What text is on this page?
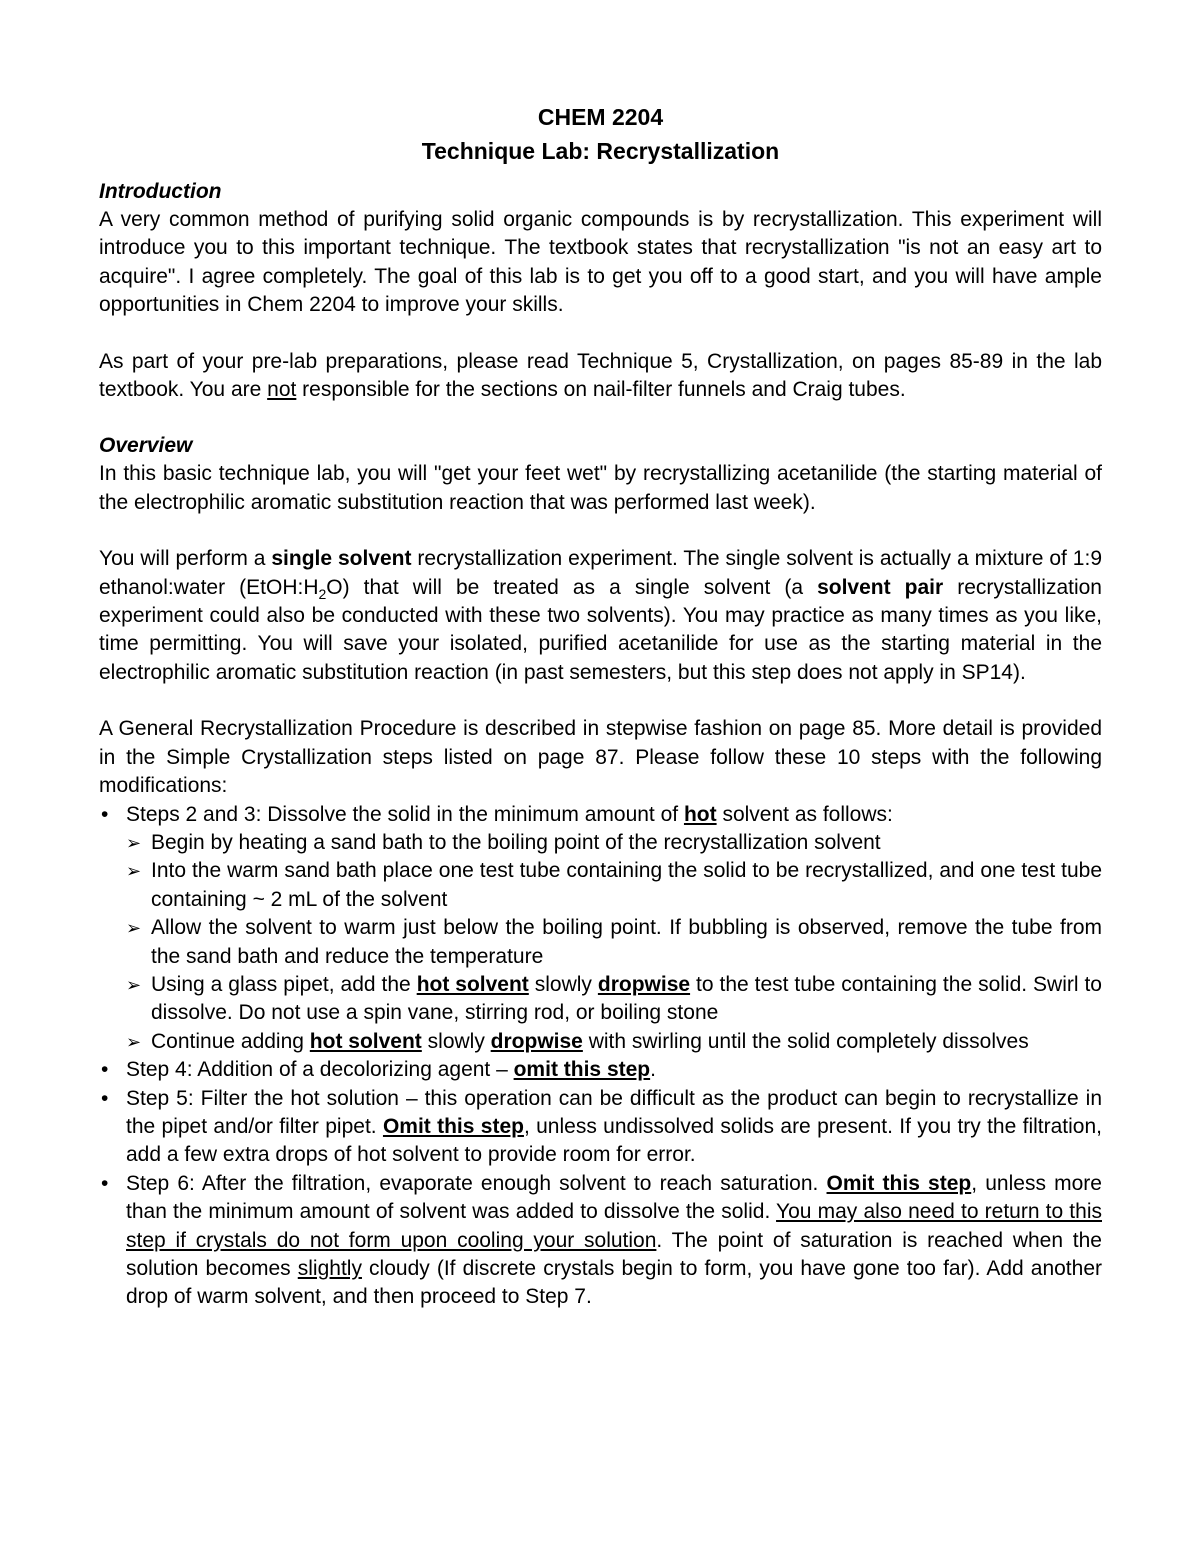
CHEM 2204
Technique Lab: Recrystallization
Introduction

A very common method of purifying solid organic compounds is by recrystallization. This experiment will introduce you to this important technique. The textbook states that recrystallization "is not an easy art to acquire". I agree completely. The goal of this lab is to get you off to a good start, and you will have ample opportunities in Chem 2204 to improve your skills.

As part of your pre-lab preparations, please read Technique 5, Crystallization, on pages 85-89 in the lab textbook. You are not responsible for the sections on nail-filter funnels and Craig tubes.

Overview

In this basic technique lab, you will "get your feet wet" by recrystallizing acetanilide (the starting material of the electrophilic aromatic substitution reaction that was performed last week).

You will perform a single solvent recrystallization experiment. The single solvent is actually a mixture of 1:9 ethanol:water $(EtOH:H_2O)$ that will be treated as a single solvent (a solvent pair recrystallization experiment could also be conducted with these two solvents). You may practice as many times as you like, time permitting. You will save your isolated, purified acetanilide for use as the starting material in the electrophilic aromatic substitution reaction (in past semesters, but this step does not apply in SP14).

A General Recrystallization Procedure is described in stepwise fashion on page 85. More detail is provided in the Simple Crystallization steps listed on page 87. Please follow these 10 steps with the following modifications:

• Steps 2 and 3: Dissolve the solid in the minimum amount of hot solvent as follows:
➢ Begin by heating a sand bath to the boiling point of the recrystallization solvent
➢ Into the warm sand bath place one test tube containing the solid to be recrystallized, and one test tube containing ~ 2 mL of the solvent
➢ Allow the solvent to warm just below the boiling point. If bubbling is observed, remove the tube from the sand bath and reduce the temperature
➢ Using a glass pipet, add the hot solvent slowly dropwise to the test tube containing the solid. Swirl to dissolve. Do not use a spin vane, stirring rod, or boiling stone
➢ Continue adding hot solvent slowly dropwise with swirling until the solid completely dissolves
• Step 4: Addition of a decolorizing agent – omit this step.
• Step 5: Filter the hot solution – this operation can be difficult as the product can begin to recrystallize in the pipet and/or filter pipet. Omit this step, unless undissolved solids are present. If you try the filtration, add a few extra drops of hot solvent to provide room for error.
• Step 6: After the filtration, evaporate enough solvent to reach saturation. Omit this step, unless more than the minimum amount of solvent was added to dissolve the solid. You may also need to return to this step if crystals do not form upon cooling your solution. The point of saturation is reached when the solution becomes slightly cloudy (If discrete crystals begin to form, you have gone too far). Add another drop of warm solvent, and then proceed to Step 7.
